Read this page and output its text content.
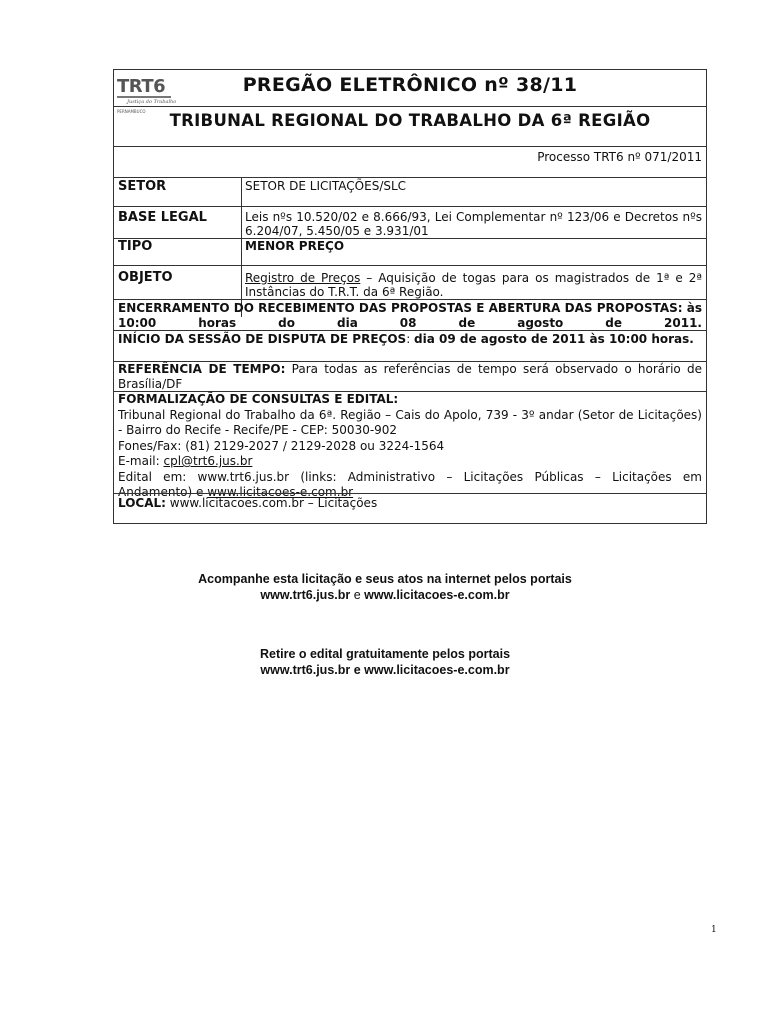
TRT6
Justiça do Trabalho
PERNAMBUCO
PREGÃO ELETRÔNICO nº 38/11
TRIBUNAL REGIONAL DO TRABALHO DA 6ª REGIÃO
Processo TRT6 nº 071/2011
SETOR	SETOR DE LICITAÇÕES/SLC
BASE LEGAL	Leis nºs 10.520/02 e 8.666/93, Lei Complementar nº 123/06 e Decretos nºs 6.204/07, 5.450/05 e 3.931/01
TIPO	MENOR PREÇO
OBJETO	Registro de Preços – Aquisição de togas para os magistrados de 1ª e 2ª Instâncias do T.R.T. da 6ª Região.
ENCERRAMENTO DO RECEBIMENTO DAS PROPOSTAS E ABERTURA DAS PROPOSTAS: às 10:00 horas do dia 08 de agosto de 2011.
INÍCIO DA SESSÃO DE DISPUTA DE PREÇOS: dia 09 de agosto de 2011 às 10:00 horas.
REFERÊNCIA DE TEMPO: Para todas as referências de tempo será observado o horário de Brasília/DF
FORMALIZAÇÃO DE CONSULTAS E EDITAL:
Tribunal Regional do Trabalho da 6ª. Região – Cais do Apolo, 739 - 3º andar (Setor de Licitações) - Bairro do Recife - Recife/PE - CEP: 50030-902
Fones/Fax: (81) 2129-2027 / 2129-2028 ou 3224-1564
E-mail: cpl@trt6.jus.br
Edital em: www.trt6.jus.br (links: Administrativo – Licitações Públicas – Licitações em Andamento) e www.licitacoes-e.com.br
LOCAL: www.licitacoes.com.br – Licitações
Acompanhe esta licitação e seus atos na internet pelos portais
www.trt6.jus.br e www.licitacoes-e.com.br
Retire o edital gratuitamente pelos portais
www.trt6.jus.br e www.licitacoes-e.com.br
1
